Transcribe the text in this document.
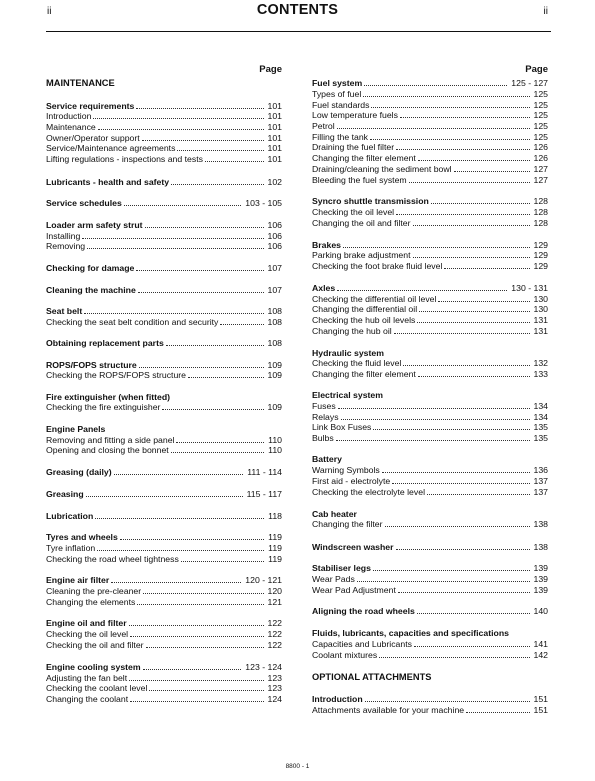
ii	CONTENTS	ii
Page
MAINTENANCE
Service requirements	101
Introduction	101
Maintenance	101
Owner/Operator support	101
Service/Maintenance agreements	101
Lifting regulations - inspections and tests	101
Lubricants - health and safety	102
Service schedules	103 - 105
Loader arm safety strut	106
Installing	106
Removing	106
Checking for damage	107
Cleaning the machine	107
Seat belt	108
Checking the seat belt condition and security	108
Obtaining replacement parts	108
ROPS/FOPS structure	109
Checking the ROPS/FOPS structure	109
Fire extinguisher (when fitted)
Checking the fire extinguisher	109
Engine Panels
Removing and fitting a side panel	110
Opening and closing the bonnet	110
Greasing (daily)	111 - 114
Greasing	115 - 117
Lubrication	118
Tyres and wheels	119
Tyre inflation	119
Checking the road wheel tightness	119
Engine air filter	120 - 121
Cleaning the pre-cleaner	120
Changing the elements	121
Engine oil and filter	122
Checking the oil level	122
Checking the oil and filter	122
Engine cooling system	123 - 124
Adjusting the fan belt	123
Checking the coolant level	123
Changing the coolant	124
Page
Fuel system	125 - 127
Types of fuel	125
Fuel standards	125
Low temperature fuels	125
Petrol	125
Filling the tank	125
Draining the fuel filter	126
Changing the filter element	126
Draining/cleaning the sediment bowl	127
Bleeding the fuel system	127
Syncro shuttle transmission	128
Checking the oil level	128
Changing the oil and filter	128
Brakes	129
Parking brake adjustment	129
Checking the foot brake fluid level	129
Axles	130 - 131
Checking the differential oil level	130
Changing the differential oil	130
Checking the hub oil levels	131
Changing the hub oil	131
Hydraulic system
Checking the fluid level	132
Changing the filter element	133
Electrical system
Fuses	134
Relays	134
Link Box Fuses	135
Bulbs	135
Battery
Warning Symbols	136
First aid - electrolyte	137
Checking the electrolyte level	137
Cab heater
Changing the filter	138
Windscreen washer	138
Stabiliser legs	139
Wear Pads	139
Wear Pad Adjustment	139
Aligning the road wheels	140
Fluids, lubricants, capacities and specifications
Capacities and Lubricants	141
Coolant mixtures	142
OPTIONAL ATTACHMENTS
Introduction	151
Attachments available for your machine	151
8800 - 1
